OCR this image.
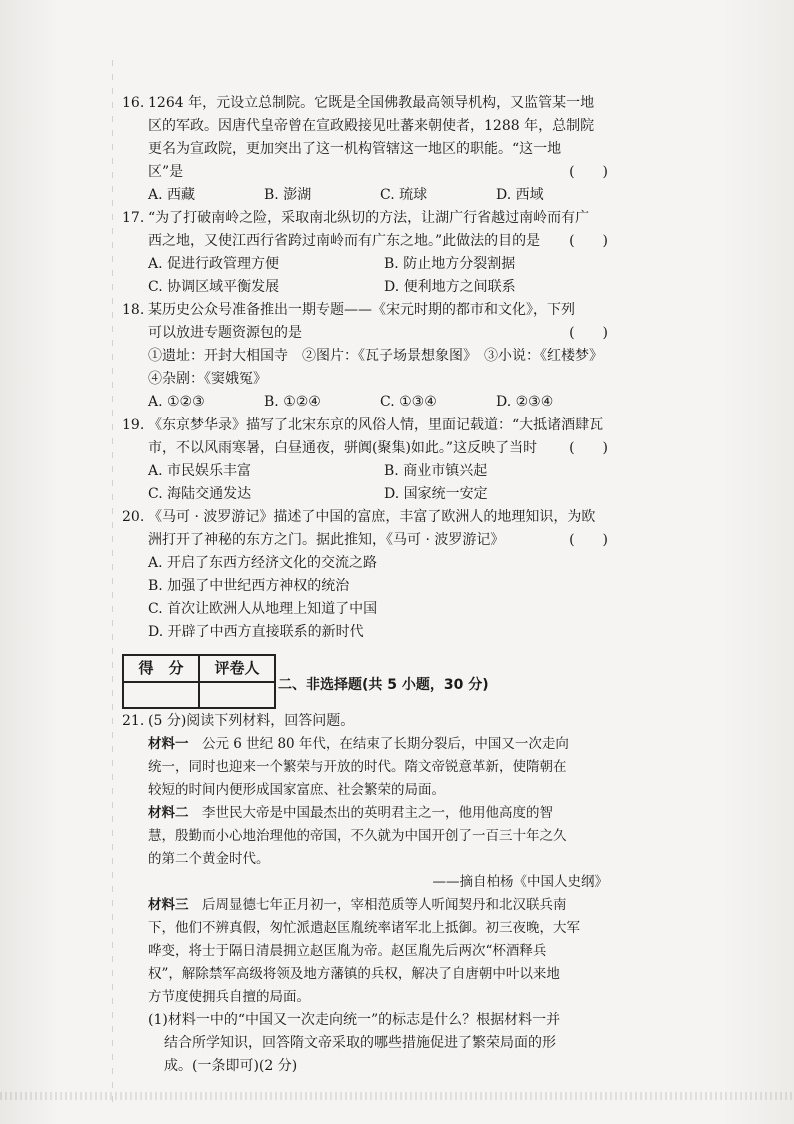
16. 1264 年，元设立总制院。它既是全国佛教最高领导机构，又监管某一地
区的军政。因唐代皇帝曾在宣政殿接见吐蕃来朝使者，1288 年，总制院
更名为宣政院，更加突出了这一机构管辖这一地区的职能。“这一地
区”是	(　　)
A. 西藏	B. 澎湖	C. 琉球	D. 西域
17. “为了打破南岭之险，采取南北纵切的方法，让湖广行省越过南岭而有广
西之地，又使江西行省跨过南岭而有广东之地。”此做法的目的是 (　　)
A. 促进行政管理方便	B. 防止地方分裂割据
C. 协调区域平衡发展	D. 便利地方之间联系
18. 某历史公众号准备推出一期专题——《宋元时期的都市和文化》，下列
可以放进专题资源包的是	(　　)
①遗址：开封大相国寺　②图片：《瓦子场景想象图》　③小说：《红楼梦》
④杂剧：《窦娥冤》
A. ①②③	B. ①②④	C. ①③④	D. ②③④
19. 《东京梦华录》描写了北宋东京的风俗人情，里面记载道：“大抵诸酒肆瓦
市，不以风雨寒暑，白昼通夜，骈阗(聚集)如此。”这反映了当时 (　　)
A. 市民娱乐丰富	B. 商业市镇兴起
C. 海陆交通发达	D. 国家统一安定
20. 《马可 · 波罗游记》描述了中国的富庶，丰富了欧洲人的地理知识，为欧
洲打开了神秘的东方之门。据此推知，《马可 · 波罗游记》	(　　)
A. 开启了东西方经济文化的交流之路
B. 加强了中世纪西方神权的统治
C. 首次让欧洲人从地理上知道了中国
D. 开辟了中西方直接联系的新时代
得　分	评卷人

二、非选择题(共 5 小题，30 分)
21. (5 分)阅读下列材料，回答问题。
材料一　公元 6 世纪 80 年代，在结束了长期分裂后，中国又一次走向
统一，同时也迎来一个繁荣与开放的时代。隋文帝锐意革新，使隋朝在
较短的时间内便形成国家富庶、社会繁荣的局面。
材料二　李世民大帝是中国最杰出的英明君主之一，他用他高度的智
慧，殷勤而小心地治理他的帝国，不久就为中国开创了一百三十年之久
的第二个黄金时代。
——摘自柏杨《中国人史纲》
材料三　后周显德七年正月初一，宰相范质等人听闻契丹和北汉联兵南
下，他们不辨真假，匆忙派遣赵匡胤统率诸军北上抵御。初三夜晚，大军
哗变，将士于隔日清晨拥立赵匡胤为帝。赵匡胤先后两次“杯酒释兵
权”，解除禁军高级将领及地方藩镇的兵权，解决了自唐朝中叶以来地
方节度使拥兵自擅的局面。
(1)材料一中的“中国又一次走向统一”的标志是什么？根据材料一并
结合所学知识，回答隋文帝采取的哪些措施促进了繁荣局面的形
成。(一条即可)(2 分)
